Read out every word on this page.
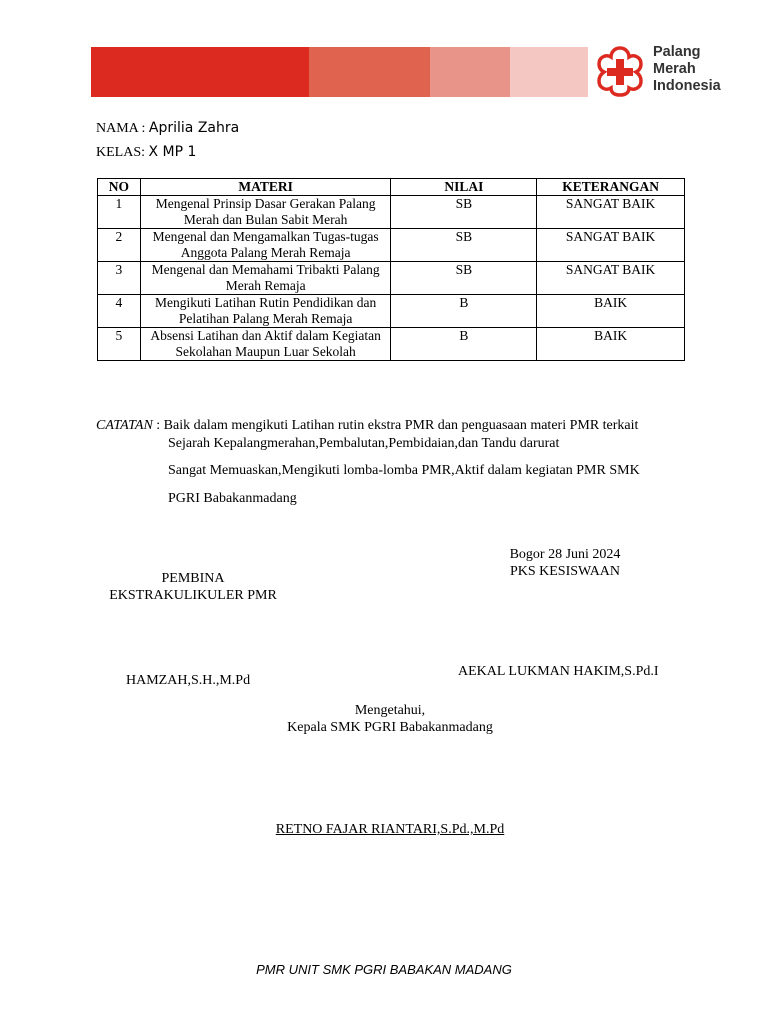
Palang
Merah
Indonesia
NAMA : Aprilia Zahra
KELAS: X MP 1
NO	MATERI	NILAI	KETERANGAN
1	Mengenal Prinsip Dasar Gerakan Palang Merah dan Bulan Sabit Merah	SB	SANGAT BAIK
2	Mengenal dan Mengamalkan Tugas-tugas Anggota Palang Merah Remaja	SB	SANGAT BAIK
3	Mengenal dan Memahami Tribakti Palang Merah Remaja	SB	SANGAT BAIK
4	Mengikuti Latihan Rutin Pendidikan dan Pelatihan Palang Merah Remaja	B	BAIK
5	Absensi Latihan dan Aktif dalam Kegiatan Sekolahan Maupun Luar Sekolah	B	BAIK
CATATAN : Baik dalam mengikuti Latihan rutin ekstra PMR dan penguasaan materi PMR terkait
Sejarah Kepalangmerahan,Pembalutan,Pembidaian,dan Tandu darurat
Sangat Memuaskan,Mengikuti lomba-lomba PMR,Aktif dalam kegiatan PMR SMK
PGRI Babakanmadang
Bogor 28 Juni 2024
PKS KESISWAAN
PEMBINA
EKSTRAKULIKULER PMR
HAMZAH,S.H.,M.Pd
AEKAL LUKMAN HAKIM,S.Pd.I
Mengetahui,
Kepala SMK PGRI Babakanmadang
RETNO FAJAR RIANTARI,S.Pd.,M.Pd
PMR UNIT SMK PGRI BABAKAN MADANG
